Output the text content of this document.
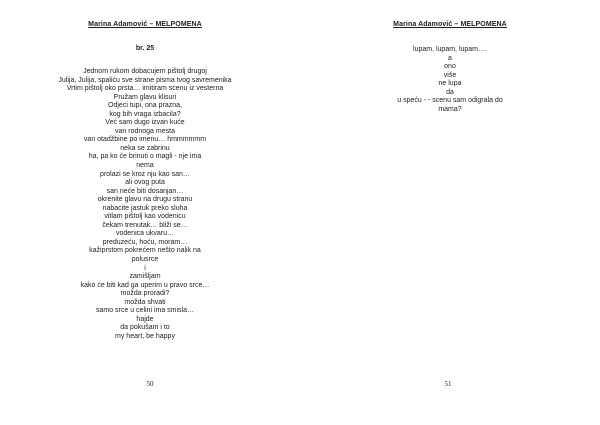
Marina Adamović – MELPOMENA
br. 25
Jednom rukom dobacujem pištolj drugoj
Julija, Julija, spaliću sve strane pisma tvog savremenika
Vrtim pištolj oko prsta… imitiram scenu iz vesterna
Pružam glavu klisuri
Odjeci tupi, ona prazna,
kog bih vraga izbacila?
Već sam dugo izvan kuće
van rodnoga mesta
van otadžbine po imenu… hmmmmmm
neka se zabrinu
ha, pa ko će brinuti o magli - nje ima
nema
prolazi se kroz nju kao san…
ali ovog puta
san neće biti dosanjan…
okrenite glavu na drugu stranu
nabacite jastuk preko sluha
vitlam pištolj kao vodenicu
čekam trenutak… bliži se…
vodenica ukvaru…
preduzeću, hoću, moram…
kažiprstom pokrećem nešto nalik na
polusrce
i
zamišljam
kako će biti kad ga uperim u pravo srce…
možda proradi?
možda shvati
samo srce u celini ima smisla…
hajde
da pokušam i to
my heart, be happy
50
Marina Adamović – MELPOMENA
lupam, lupam, lupam….
a
ono
više
ne lupa
da
u speću - - scenu sam odigrala do
mama?
51
